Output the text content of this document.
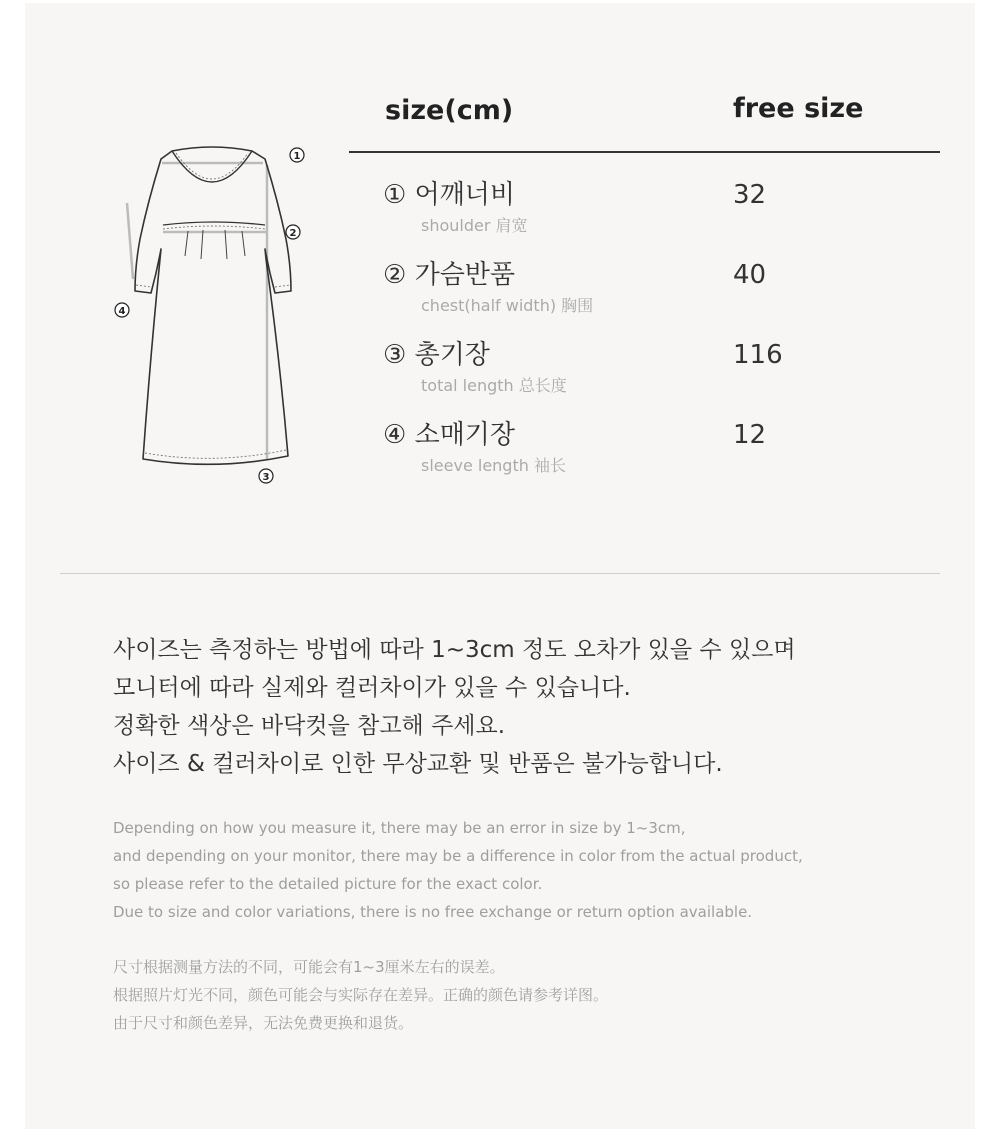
1
2
3
4
size(cm)	free size
① 어깨너비
shoulder 肩宽
32
② 가슴반품
chest(half width) 胸围
40
③ 총기장
total length 总长度
116
④ 소매기장
sleeve length 袖长
12
사이즈는 측정하는 방법에 따라 1~3cm 정도 오차가 있을 수 있으며
모니터에 따라 실제와 컬러차이가 있을 수 있습니다.
정확한 색상은 바닥컷을 참고해 주세요.
사이즈 & 컬러차이로 인한 무상교환 및 반품은 불가능합니다.
Depending on how you measure it, there may be an error in size by 1~3cm,
and depending on your monitor, there may be a difference in color from the actual product,
so please refer to the detailed picture for the exact color.
Due to size and color variations, there is no free exchange or return option available.
尺寸根据测量方法的不同，可能会有1~3厘米左右的误差。
根据照片灯光不同，颜色可能会与实际存在差异。正确的颜色请参考详图。
由于尺寸和颜色差异，无法免费更换和退货。
